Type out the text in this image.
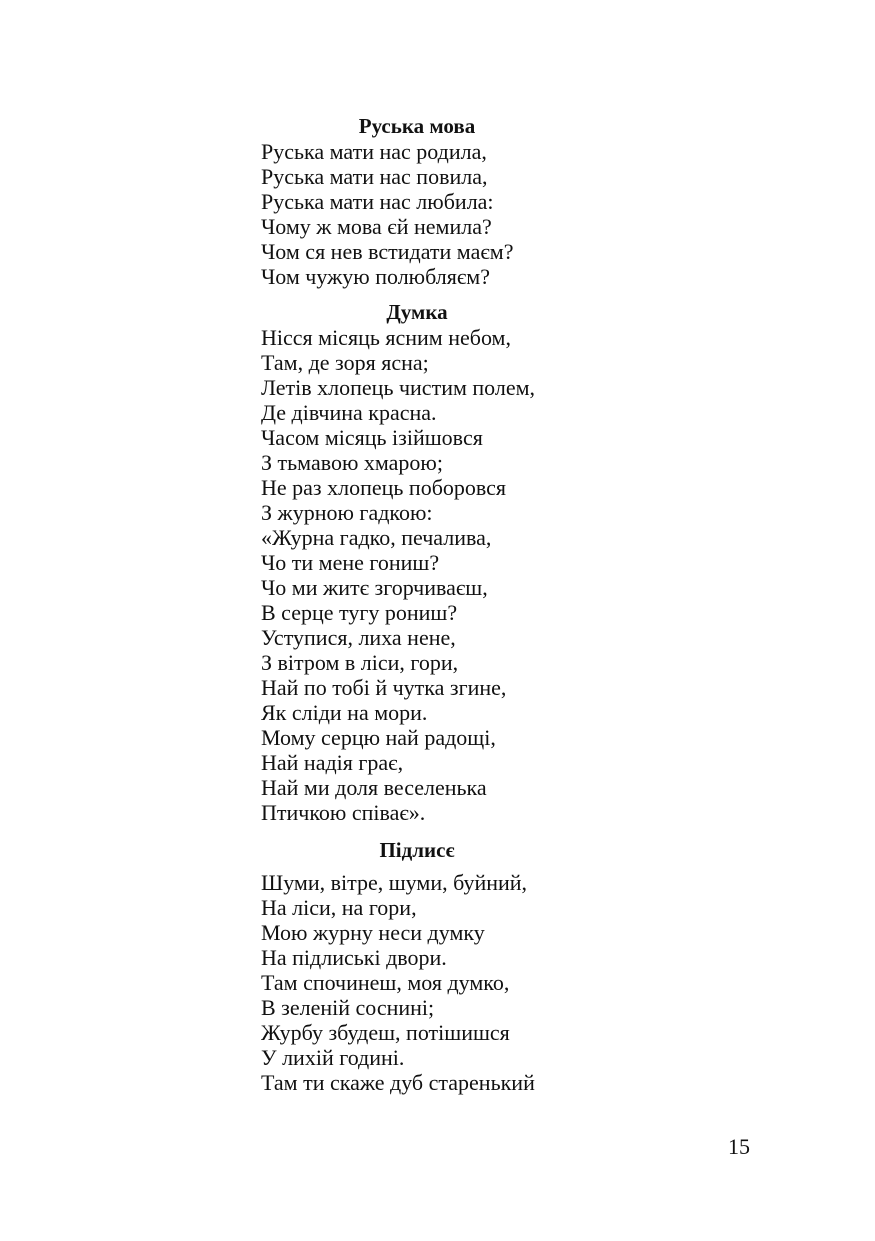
Руська мова
Руська мати нас родила,
Руська мати нас повила,
Руська мати нас любила:
Чому ж мова єй немила?
Чом ся нев встидати маєм?
Чом чужую полюбляєм?
Думка
Нісся місяць ясним небом,
Там, де зоря ясна;
Летів хлопець чистим полем,
Де дівчина красна.
Часом місяць ізійшовся
З тьмавою хмарою;
Не раз хлопець поборовся
З журною гадкою:
«Журна гадко, печалива,
Чо ти мене гониш?
Чо ми житє згорчиваєш,
В серце тугу рониш?
Уступися, лиха нене,
З вітром в ліси, гори,
Най по тобі й чутка згине,
Як сліди на мори.
Мому серцю най радощі,
Най надія грає,
Най ми доля веселенька
Птичкою співає».
Підлисє
Шуми, вітре, шуми, буйний,
На ліси, на гори,
Мою журну неси думку
На підлиські двори.
Там спочинеш, моя думко,
В зеленій соснині;
Журбу збудеш, потішишся
У лихій годині.
Там ти скаже дуб старенький
15
